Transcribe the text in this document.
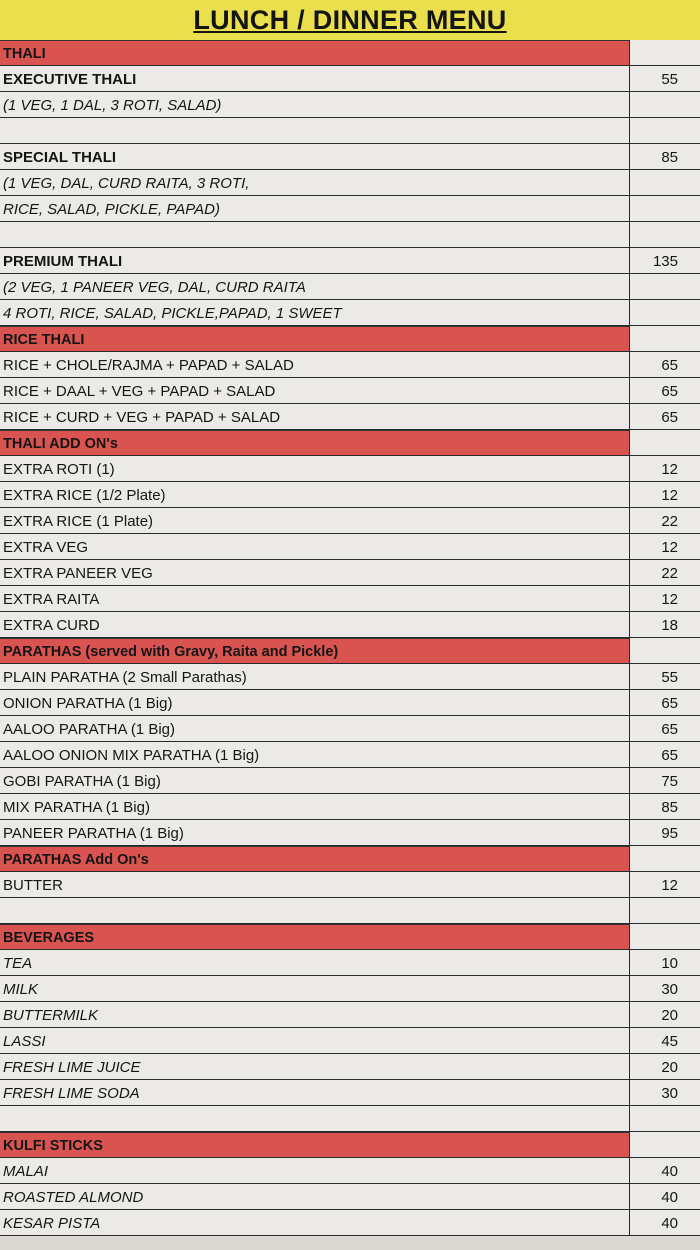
LUNCH / DINNER MENU
THALI
EXECUTIVE THALI	55
(1 VEG, 1 DAL, 3 ROTI, SALAD)
SPECIAL THALI	85
(1 VEG, DAL, CURD RAITA, 3 ROTI,
RICE, SALAD, PICKLE, PAPAD)
PREMIUM THALI	135
(2 VEG, 1 PANEER VEG, DAL, CURD RAITA
4 ROTI, RICE, SALAD, PICKLE,PAPAD, 1 SWEET
RICE THALI
RICE + CHOLE/RAJMA + PAPAD + SALAD	65
RICE + DAAL + VEG + PAPAD + SALAD	65
RICE + CURD + VEG + PAPAD + SALAD	65
THALI ADD ON's
EXTRA ROTI (1)	12
EXTRA RICE (1/2 Plate)	12
EXTRA RICE (1 Plate)	22
EXTRA VEG	12
EXTRA PANEER VEG	22
EXTRA RAITA	12
EXTRA CURD	18
PARATHAS (served with Gravy, Raita and Pickle)
PLAIN PARATHA (2 Small Parathas)	55
ONION PARATHA (1 Big)	65
AALOO PARATHA (1 Big)	65
AALOO ONION MIX PARATHA (1 Big)	65
GOBI PARATHA (1 Big)	75
MIX PARATHA (1 Big)	85
PANEER PARATHA (1 Big)	95
PARATHAS Add On's
BUTTER	12
BEVERAGES
TEA	10
MILK	30
BUTTERMILK	20
LASSI	45
FRESH LIME JUICE	20
FRESH LIME SODA	30
KULFI STICKS
MALAI	40
ROASTED ALMOND	40
KESAR PISTA	40
